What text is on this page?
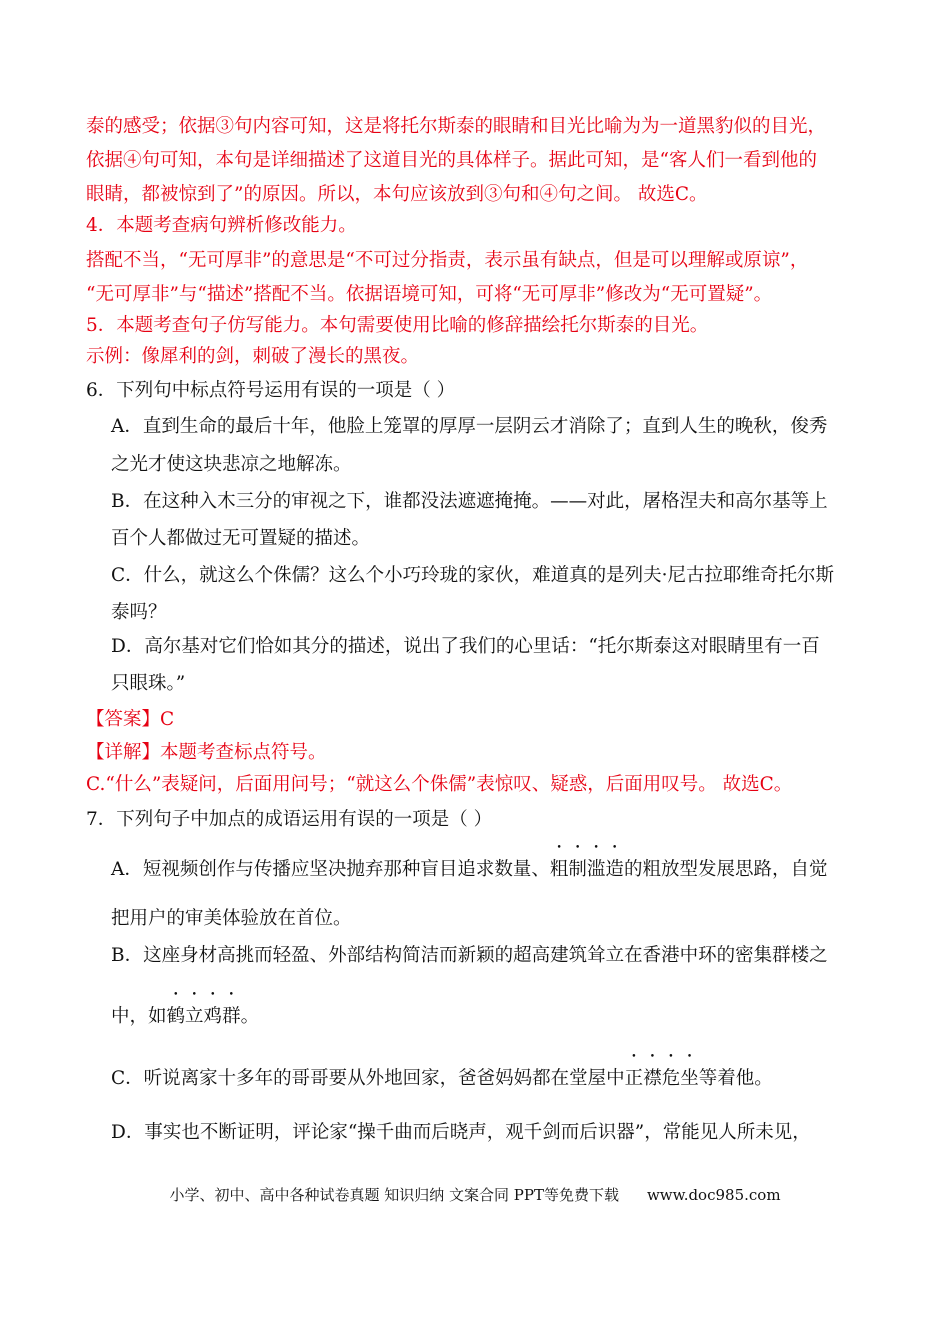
泰的感受；依据③句内容可知，这是将托尔斯泰的眼睛和目光比喻为为一道黑豹似的目光，
依据④句可知，本句是详细描述了这道目光的具体样子。据此可知，是“客人们一看到他的
眼睛，都被惊到了”的原因。所以，本句应该放到③句和④句之间。 故选C。
4．本题考查病句辨析修改能力。
搭配不当，“无可厚非”的意思是“不可过分指责，表示虽有缺点，但是可以理解或原谅”，
“无可厚非”与“描述”搭配不当。依据语境可知，可将“无可厚非”修改为“无可置疑”。
5．本题考查句子仿写能力。本句需要使用比喻的修辞描绘托尔斯泰的目光。
示例：像犀利的剑，刺破了漫长的黑夜。
6．下列句中标点符号运用有误的一项是（ ）
A．直到生命的最后十年，他脸上笼罩的厚厚一层阴云才消除了；直到人生的晚秋，俊秀
之光才使这块悲凉之地解冻。
B．在这种入木三分的审视之下，谁都没法遮遮掩掩。——对此，屠格涅夫和高尔基等上
百个人都做过无可置疑的描述。
C．什么，就这么个侏儒？这么个小巧玲珑的家伙，难道真的是列夫·尼古拉耶维奇托尔斯
泰吗？
D．高尔基对它们恰如其分的描述，说出了我们的心里话：“托尔斯泰这对眼睛里有一百
只眼珠。”
【答案】C
【详解】本题考查标点符号。
C.“什么”表疑问，后面用问号；“就这么个侏儒”表惊叹、疑惑，后面用叹号。 故选C。
7．下列句子中加点的成语运用有误的一项是（ ）
A．短视频创作与传播应坚决抛弃那种盲目追求数量、粗制滥造的粗放型发展思路，自觉
把用户的审美体验放在首位。
B．这座身材高挑而轻盈、外部结构简洁而新颖的超高建筑耸立在香港中环的密集群楼之
中，如鹤立鸡群。
C．听说离家十多年的哥哥要从外地回家，爸爸妈妈都在堂屋中正襟危坐等着他。
D．事实也不断证明，评论家“操千曲而后晓声，观千剑而后识器”，常能见人所未见，
小学、初中、高中各种试卷真题 知识归纳 文案合同 PPT等免费下载 www.doc985.com
